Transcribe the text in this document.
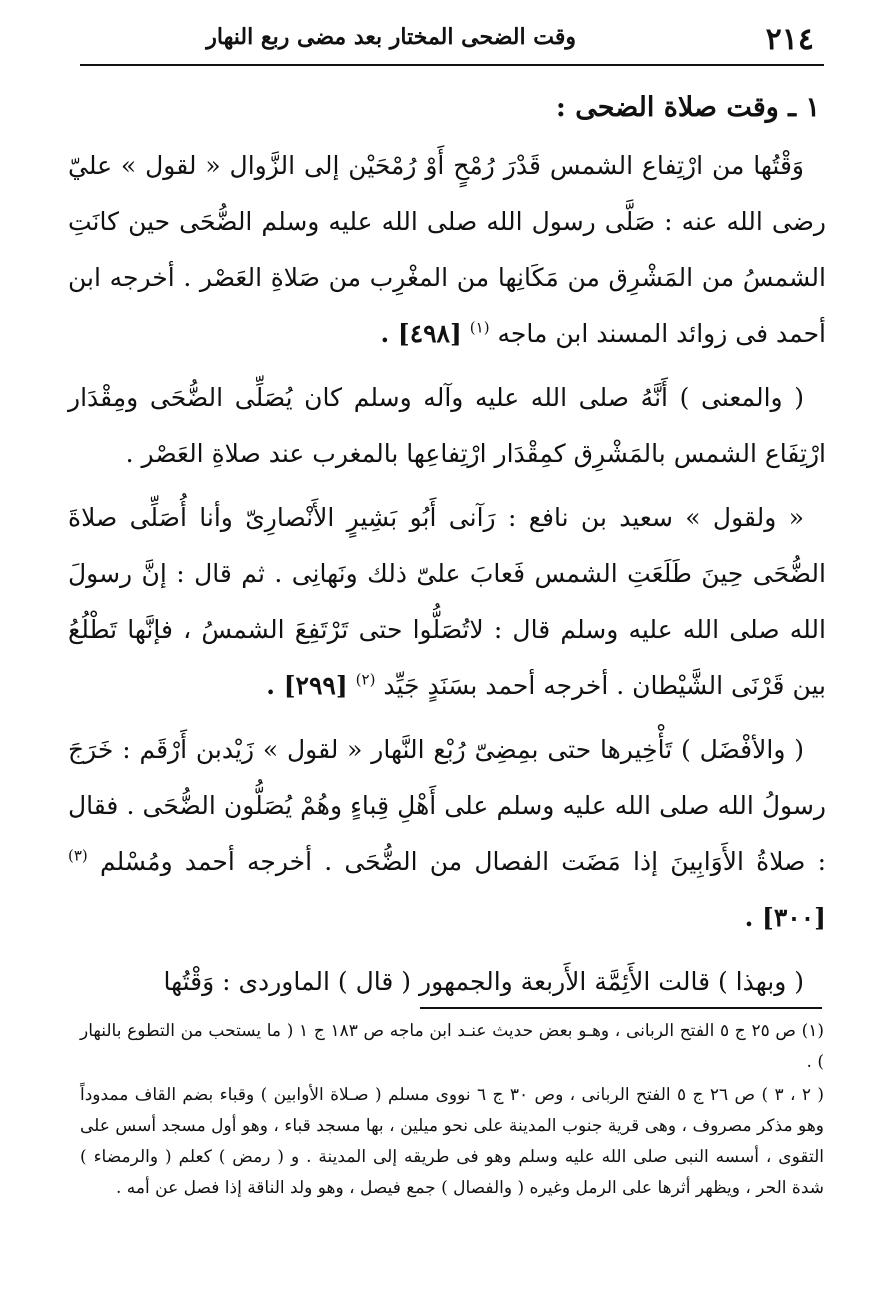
٢١٤
وقت الضحى المختار بعد مضى ربع النهار
١ ـ وقت صلاة الضحى :

وَقْتُها من ارْتِفاع الشمس قَدْرَ رُمْحٍ أَوْ رُمْحَيْن إلى الزَّوال « لقول » عليّ رضى الله عنه : صَلَّى رسول الله صلى الله عليه وسلم الضُّحَى حين كانَتِ الشمسُ من المَشْرِق من مَكَانِها من المغْرِب من صَلاةِ العَصْر . أخرجه ابن أحمد فى زوائد المسند ابن ماجه $^{(١)}$ [٤٩٨] .

( والمعنى ) أَنَّهُ صلى الله عليه وآله وسلم كان يُصَلِّى الضُّحَى ومِقْدَار ارْتِفَاع الشمس بالمَشْرِق كمِقْدَار ارْتِفاعِها بالمغرب عند صلاةِ العَصْر .

« ولقول » سعيد بن نافع : رَآنى أَبُو بَشِيرٍ الأَنْصارِىّ وأنا أُصَلِّى صلاةَ الضُّحَى حِينَ طَلَعَتِ الشمس فَعابَ علىّ ذلك ونَهانِى . ثم قال : إنَّ رسولَ الله صلى الله عليه وسلم قال : لاتُصَلُّوا حتى تَرْتَفِعَ الشمسُ ، فإنَّها تَطْلُعُ بين قَرْنَى الشَّيْطان . أخرجه أحمد بسَنَدٍ جَيِّد $^{(٢)}$ [٢٩٩] .

( والأفْضَل ) تَأْخِيرها حتى بمِضِىّ رُبْع النَّهار « لقول » زَيْدبن أَرْقَم : خَرَجَ رسولُ الله صلى الله عليه وسلم على أَهْلِ قِباءٍ وهُمْ يُصَلُّون الضُّحَى . فقال : صلاةُ الأَوَابِينَ إذا مَضَت الفصال من الضُّحَى . أخرجه أحمد ومُسْلم $^{(٣)}$ [٣٠٠] .

( وبهذا ) قالت الأَئِمَّة الأَربعة والجمهور ( قال ) الماوردى : وَقْتُها

(١) ص ٢٥ ج ٥ الفتح الربانى ، وهـو بعض حديث عنـد ابن ماجه ص ١٨٣ ج ١ ( ما يستحب من التطوع بالنهار ) .

( ٢ ، ٣ ) ص ٢٦ ج ٥ الفتح الربانى ، وص ٣٠ ج ٦ نووى مسلم ( صـلاة الأوابين ) وقباء بضم القاف ممدوداً وهو مذكر مصروف ، وهى قرية جنوب المدينة على نحو ميلين ، بها مسجد قباء ، وهو أول مسجد أسس على التقوى ، أسسه النبى صلى الله عليه وسلم وهو فى طريقه إلى المدينة . و ( رمض ) كعلم ( والرمضاء ) شدة الحر ، ويظهر أثرها على الرمل وغيره ( والفصال ) جمع فيصل ، وهو ولد الناقة إذا فصل عن أمه .
